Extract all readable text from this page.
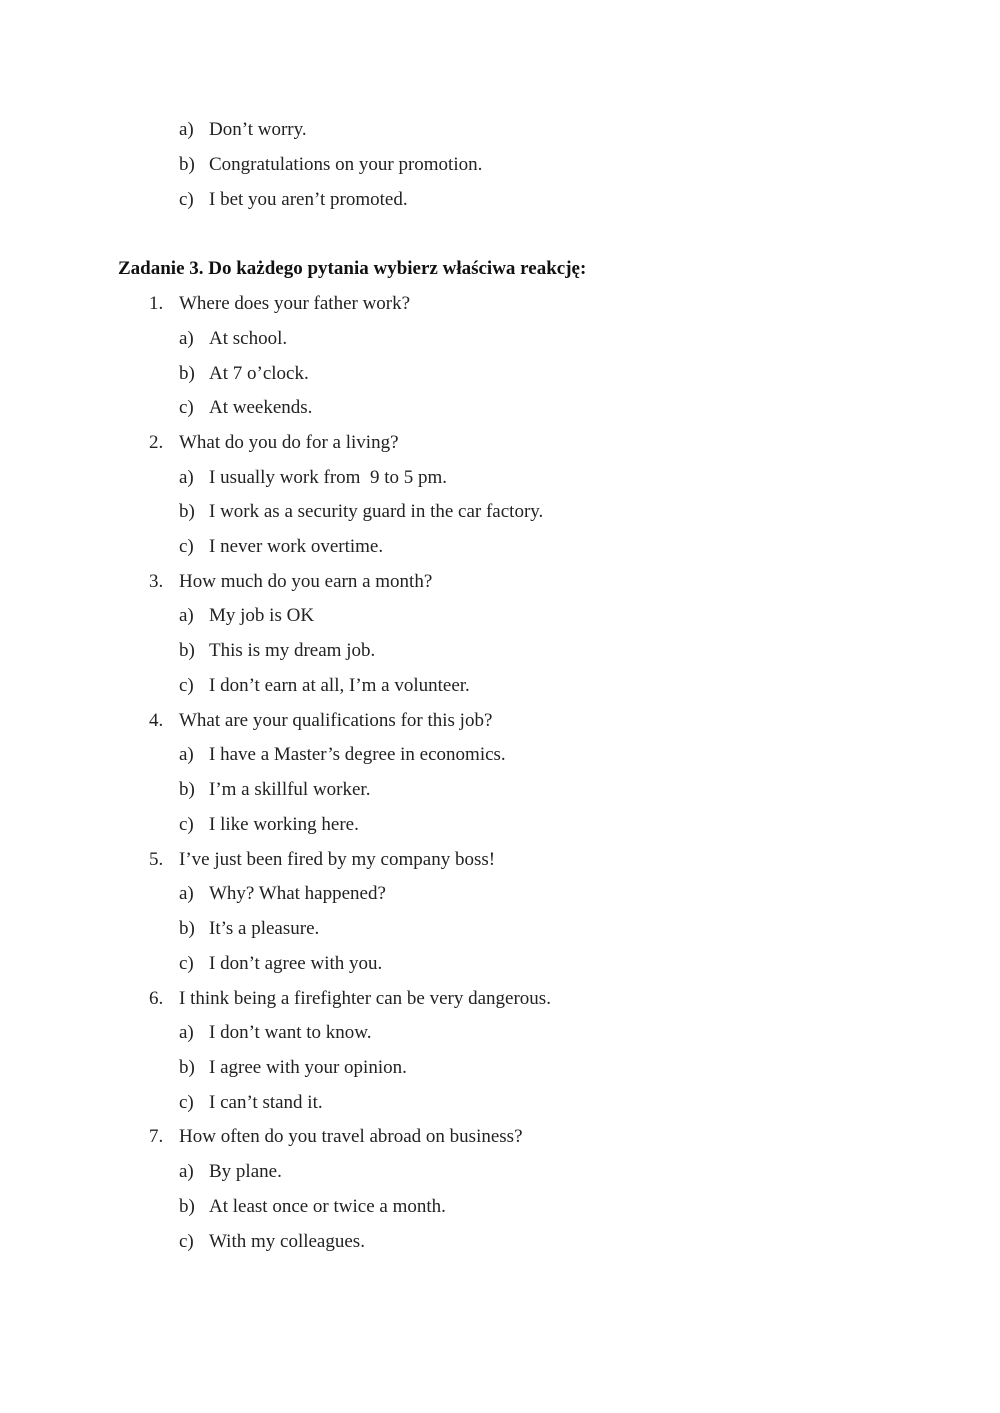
a)

Don’t worry.

b)

Congratulations on your promotion.

c)

I bet you aren’t promoted.

Zadanie 3. Do każdego pytania wybierz właściwa reakcję:

1.

Where does your father work?

a)

At school.

b)

At 7 o’clock.

c)

At weekends.

2.

What do you do for a living?

a)

I usually work from  9 to 5 pm.

b)

I work as a security guard in the car factory.

c)

I never work overtime.

3.

How much do you earn a month?

a)

My job is OK

b)

This is my dream job.

c)

I don’t earn at all, I’m a volunteer.

4.

What are your qualifications for this job?

a)

I have a Master’s degree in economics.

b)

I’m a skillful worker.

c)

I like working here.

5.

I’ve just been fired by my company boss!

a)

Why? What happened?

b)

It’s a pleasure.

c)

I don’t agree with you.

6.

I think being a firefighter can be very dangerous.

a)

I don’t want to know.

b)

I agree with your opinion.

c)

I can’t stand it.

7.

How often do you travel abroad on business?

a)

By plane.

b)

At least once or twice a month.

c)

With my colleagues.
